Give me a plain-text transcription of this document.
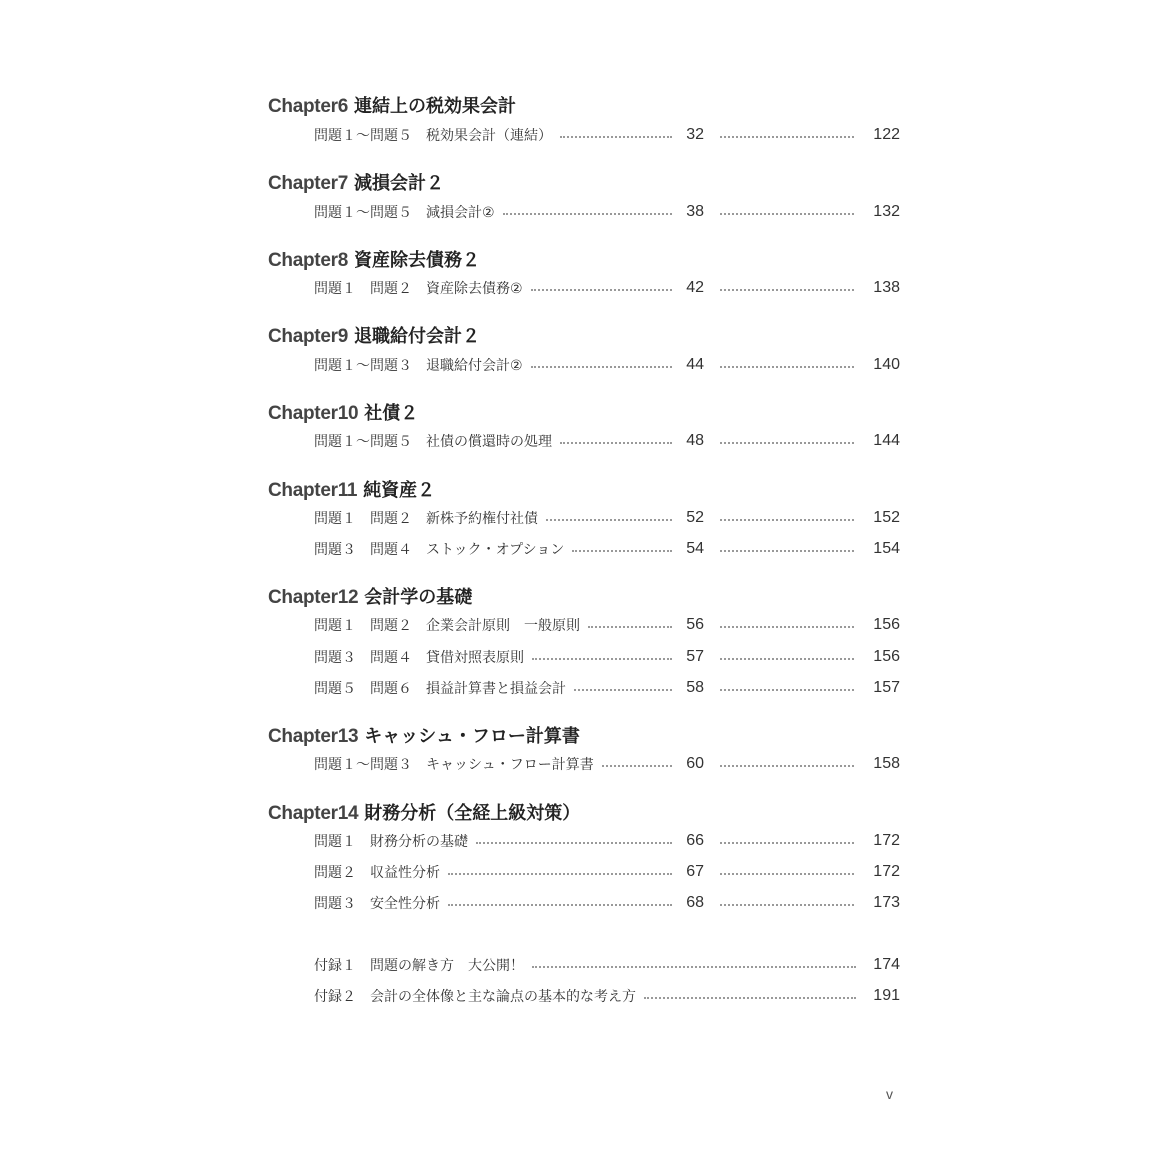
Chapter6 連結上の税効果会計
問題１～問題５ 税効果会計（連結）	32	122
Chapter7 減損会計２
問題１～問題５ 減損会計②	38	132
Chapter8 資産除去債務２
問題１　問題２ 資産除去債務②	42	138
Chapter9 退職給付会計２
問題１～問題３ 退職給付会計②	44	140
Chapter10 社債２
問題１～問題５ 社債の償還時の処理	48	144
Chapter11 純資産２
問題１　問題２ 新株予約権付社債	52	152
問題３　問題４ ストック・オプション	54	154
Chapter12 会計学の基礎
問題１　問題２ 企業会計原則　一般原則	56	156
問題３　問題４ 貸借対照表原則	57	156
問題５　問題６ 損益計算書と損益会計	58	157
Chapter13 キャッシュ・フロー計算書
問題１～問題３ キャッシュ・フロー計算書	60	158
Chapter14 財務分析（全経上級対策）
問題１ 財務分析の基礎	66	172
問題２ 収益性分析	67	172
問題３ 安全性分析	68	173
付録１ 問題の解き方　大公開！	174
付録２ 会計の全体像と主な論点の基本的な考え方	191
v
